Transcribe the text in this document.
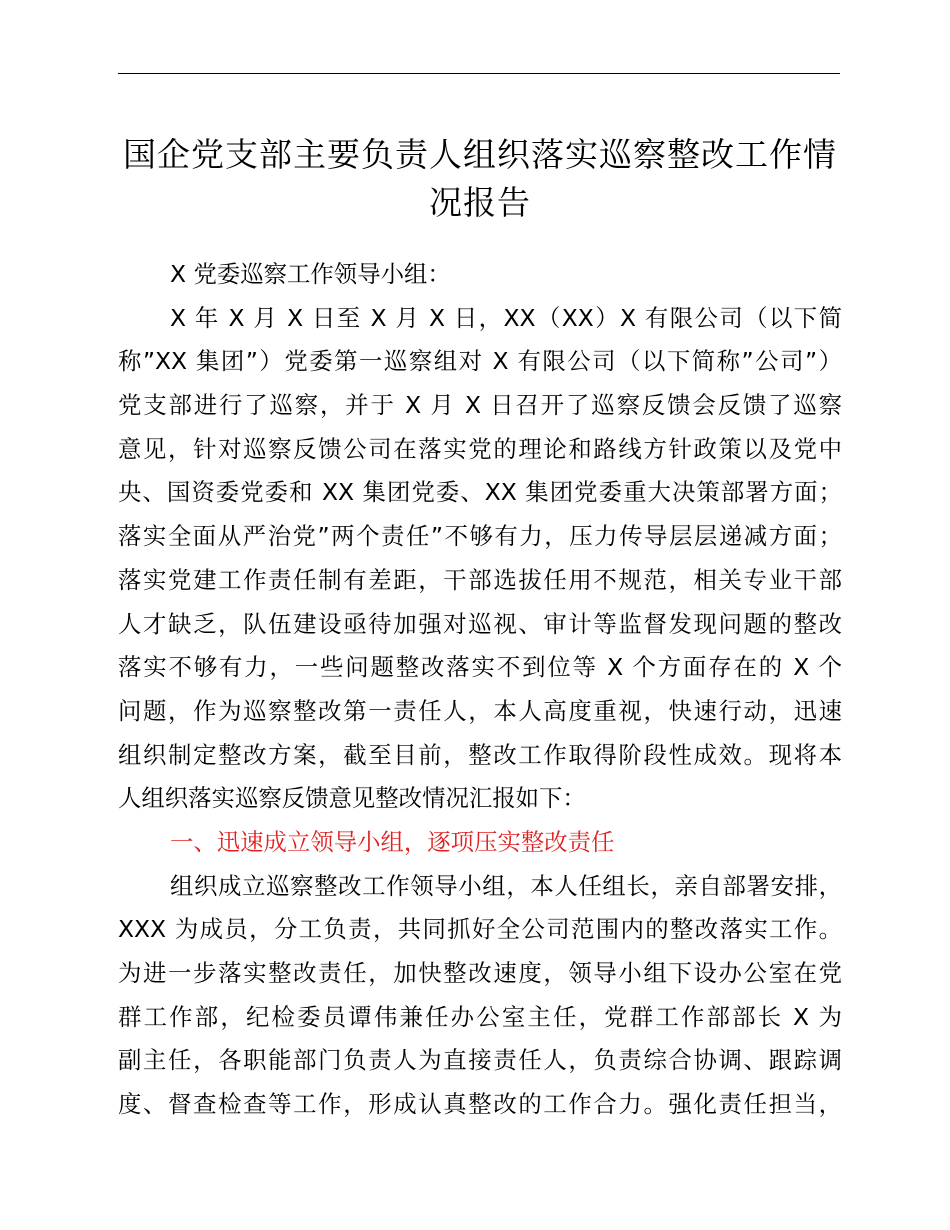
国企党支部主要负责人组织落实巡察整改工作情
况报告
X 党委巡察工作领导小组：
X 年 X 月 X 日至 X 月 X 日，XX（XX）X 有限公司（以下简
称”XX 集团”）党委第一巡察组对 X 有限公司（以下简称”公司”）
党支部进行了巡察，并于 X 月 X 日召开了巡察反馈会反馈了巡察
意见，针对巡察反馈公司在落实党的理论和路线方针政策以及党中
央、国资委党委和 XX 集团党委、XX 集团党委重大决策部署方面；
落实全面从严治党”两个责任”不够有力，压力传导层层递减方面；
落实党建工作责任制有差距，干部选拔任用不规范，相关专业干部
人才缺乏，队伍建设亟待加强对巡视、审计等监督发现问题的整改
落实不够有力，一些问题整改落实不到位等 X 个方面存在的 X 个
问题，作为巡察整改第一责任人，本人高度重视，快速行动，迅速
组织制定整改方案，截至目前，整改工作取得阶段性成效。现将本
人组织落实巡察反馈意见整改情况汇报如下：
一、迅速成立领导小组，逐项压实整改责任
组织成立巡察整改工作领导小组，本人任组长，亲自部署安排，
XXX 为成员，分工负责，共同抓好全公司范围内的整改落实工作。
为进一步落实整改责任，加快整改速度，领导小组下设办公室在党
群工作部，纪检委员谭伟兼任办公室主任，党群工作部部长 X 为
副主任，各职能部门负责人为直接责任人，负责综合协调、跟踪调
度、督查检查等工作，形成认真整改的工作合力。强化责任担当，
